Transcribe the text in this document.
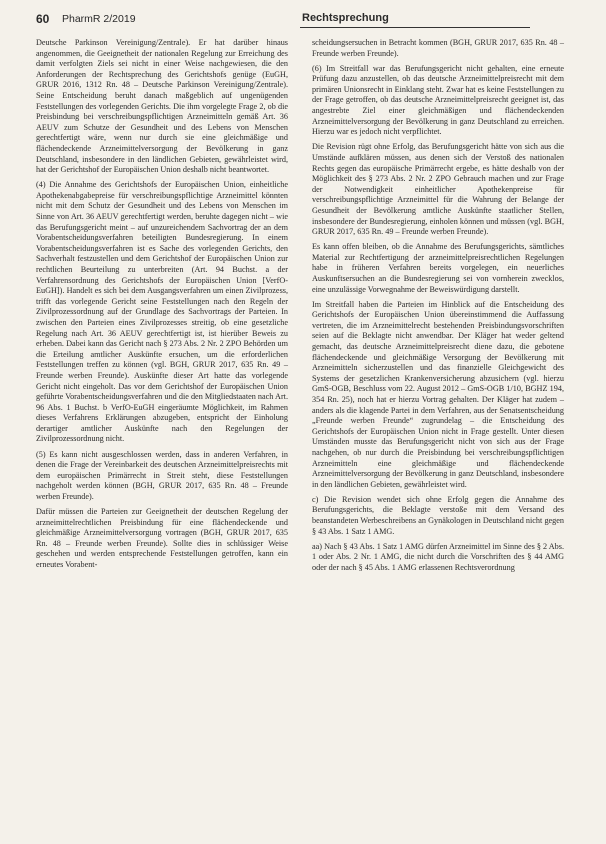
60 PharmR 2/2019	Rechtsprechung

Deutsche Parkinson Vereinigung/Zentrale). Er hat darüber hinaus angenommen, die Geeignetheit der nationalen Regelung zur Erreichung des damit verfolgten Ziels sei nicht in einer Weise nachgewiesen, die den Anforderungen der Rechtsprechung des Gerichtshofs genüge (EuGH, GRUR 2016, 1312 Rn. 48 – Deutsche Parkinson Vereinigung/Zentrale). Seine Entscheidung beruht danach maßgeblich auf ungenügenden Feststellungen des vorlegenden Gerichts. Die ihm vorgelegte Frage 2, ob die Preisbindung bei verschreibungspflichtigen Arzneimitteln gemäß Art. 36 AEUV zum Schutze der Gesundheit und des Lebens von Menschen gerechtfertigt wäre, wenn nur durch sie eine gleichmäßige und flächendeckende Arzneimittelversorgung der Bevölkerung in ganz Deutschland, insbesondere in den ländlichen Gebieten, gewährleistet wird, hat der Gerichtshof der Europäischen Union deshalb nicht beantwortet.

(4) Die Annahme des Gerichtshofs der Europäischen Union, einheitliche Apothekenabgabepreise für verschreibungspflichtige Arzneimittel könnten nicht mit dem Schutz der Gesundheit und des Lebens von Menschen im Sinne von Art. 36 AEUV gerechtfertigt werden, beruhte dagegen nicht – wie das Berufungsgericht meint – auf unzureichendem Sachvortrag der an dem Vorabentscheidungsverfahren beteiligten Bundesregierung. In einem Vorabentscheidungsverfahren ist es Sache des vorlegenden Gerichts, den Sachverhalt festzustellen und dem Gerichtshof der Europäischen Union zur rechtlichen Beurteilung zu unterbreiten (Art. 94 Buchst. a der Verfahrensordnung des Gerichtshofs der Europäischen Union [VerfO-EuGH]). Handelt es sich bei dem Ausgangsverfahren um einen Zivilprozess, trifft das vorlegende Gericht seine Feststellungen nach den Regeln der Zivilprozessordnung auf der Grundlage des Sachvortrags der Parteien. In zwischen den Parteien eines Zivilprozesses streitig, ob eine gesetzliche Regelung nach Art. 36 AEUV gerechtfertigt ist, ist hierüber Beweis zu erheben. Dabei kann das Gericht nach § 273 Abs. 2 Nr. 2 ZPO Behörden um die Erteilung amtlicher Auskünfte ersuchen, um die erforderlichen Feststellungen treffen zu können (vgl. BGH, GRUR 2017, 635 Rn. 49 – Freunde werben Freunde). Auskünfte dieser Art hatte das vorlegende Gericht nicht eingeholt. Das vor dem Gerichtshof der Europäischen Union geführte Vorabentscheidungsverfahren und die den Mitgliedstaaten nach Art. 96 Abs. 1 Buchst. b VerfO-EuGH eingeräumte Möglichkeit, im Rahmen dieses Verfahrens Erklärungen abzugeben, entspricht der Einholung derartiger amtlicher Auskünfte nach den Regelungen der Zivilprozessordnung nicht.

(5) Es kann nicht ausgeschlossen werden, dass in anderen Verfahren, in denen die Frage der Vereinbarkeit des deutschen Arzneimittelpreisrechts mit dem europäischen Primärrecht in Streit steht, diese Feststellungen nachgeholt werden können (BGH, GRUR 2017, 635 Rn. 48 – Freunde werben Freunde).

Dafür müssen die Parteien zur Geeignetheit der deutschen Regelung der arzneimittelrechtlichen Preisbindung für eine flächendeckende und gleichmäßige Arzneimittelversorgung vortragen (BGH, GRUR 2017, 635 Rn. 48 – Freunde werben Freunde). Sollte dies in schlüssiger Weise geschehen und werden entsprechende Feststellungen getroffen, kann ein erneutes Vorabent-

scheidungsersuchen in Betracht kommen (BGH, GRUR 2017, 635 Rn. 48 – Freunde werben Freunde).

(6) Im Streitfall war das Berufungsgericht nicht gehalten, eine erneute Prüfung dazu anzustellen, ob das deutsche Arzneimittelpreisrecht mit dem primären Unionsrecht in Einklang steht. Zwar hat es keine Feststellungen zu der Frage getroffen, ob das deutsche Arzneimittelpreisrecht geeignet ist, das angestrebte Ziel einer gleichmäßigen und flächendeckenden Arzneimittelversorgung der Bevölkerung in ganz Deutschland zu erreichen. Hierzu war es jedoch nicht verpflichtet.

Die Revision rügt ohne Erfolg, das Berufungsgericht hätte von sich aus die Umstände aufklären müssen, aus denen sich der Verstoß des nationalen Rechts gegen das europäische Primärrecht ergebe, es hätte deshalb von der Möglichkeit des § 273 Abs. 2 Nr. 2 ZPO Gebrauch machen und zur Frage der Notwendigkeit einheitlicher Apothekenpreise für verschreibungspflichtige Arzneimittel für die Wahrung der Belange der Gesundheit der Bevölkerung amtliche Auskünfte staatlicher Stellen, insbesondere der Bundesregierung, einholen können und müssen (vgl. BGH, GRUR 2017, 635 Rn. 49 – Freunde werben Freunde).

Es kann offen bleiben, ob die Annahme des Berufungsgerichts, sämtliches Material zur Rechtfertigung der arzneimittelpreisrechtlichen Regelungen habe in früheren Verfahren bereits vorgelegen, ein neuerliches Auskunftsersuchen an die Bundesregierung sei von vornherein zwecklos, eine unzulässige Vorwegnahme der Beweiswürdigung darstellt.

Im Streitfall haben die Parteien im Hinblick auf die Entscheidung des Gerichtshofs der Europäischen Union übereinstimmend die Auffassung vertreten, die im Arzneimittelrecht bestehenden Preisbindungsvorschriften seien auf die Beklagte nicht anwendbar. Der Kläger hat weder geltend gemacht, das deutsche Arzneimittelpreisrecht diene dazu, die gebotene flächendeckende und gleichmäßige Versorgung der Bevölkerung mit Arzneimitteln sicherzustellen und das finanzielle Gleichgewicht des Systems der gesetzlichen Krankenversicherung abzusichern (vgl. hierzu GmS-OGB, Beschluss vom 22. August 2012 – GmS-OGB 1/10, BGHZ 194, 354 Rn. 25), noch hat er hierzu Vortrag gehalten. Der Kläger hat zudem – anders als die klagende Partei in dem Verfahren, aus der Senatsentscheidung „Freunde werben Freunde“ zugrundelag – die Entscheidung des Gerichtshofs der Europäischen Union nicht in Frage gestellt. Unter diesen Umständen musste das Berufungsgericht nicht von sich aus der Frage nachgehen, ob nur durch die Preisbindung bei verschreibungspflichtigen Arzneimitteln eine gleichmäßige und flächendeckende Arzneimittelversorgung der Bevölkerung in ganz Deutschland, insbesondere in den ländlichen Gebieten, gewährleistet wird.

c) Die Revision wendet sich ohne Erfolg gegen die Annahme des Berufungsgerichts, die Beklagte verstoße mit dem Versand des beanstandeten Werbeschreibens an Gynäkologen in Deutschland nicht gegen § 43 Abs. 1 Satz 1 AMG.

aa) Nach § 43 Abs. 1 Satz 1 AMG dürfen Arzneimittel im Sinne des § 2 Abs. 1 oder Abs. 2 Nr. 1 AMG, die nicht durch die Vorschriften des § 44 AMG oder der nach § 45 Abs. 1 AMG erlassenen Rechtsverordnung
